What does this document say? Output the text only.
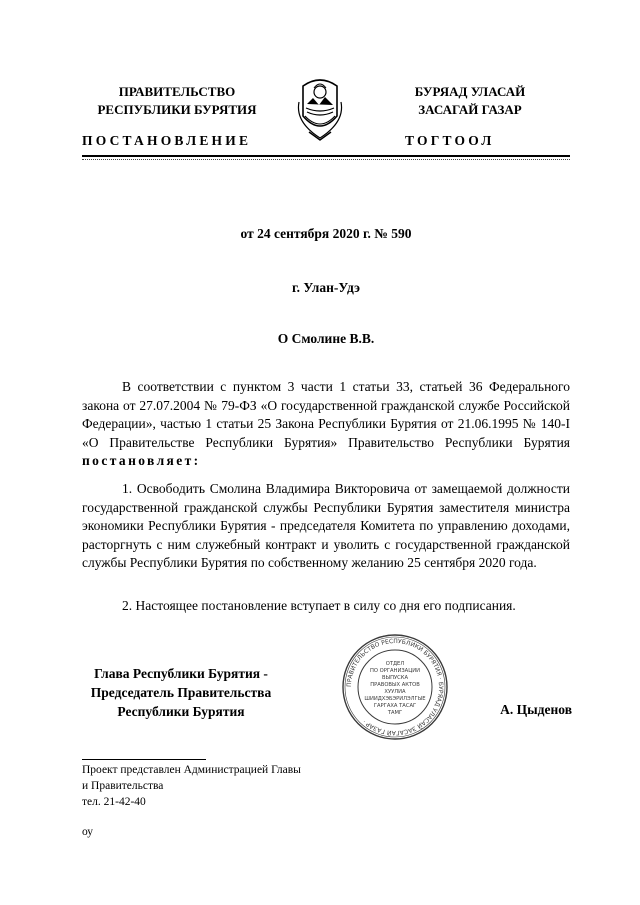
ПРАВИТЕЛЬСТВО
РЕСПУБЛИКИ БУРЯТИЯ
БУРЯАД УЛАСАЙ
ЗАСАГАЙ ГАЗАР
ПОСТАНОВЛЕНИЕ	ТОГТООЛ
от 24 сентября 2020 г. № 590
г. Улан-Удэ
О Смолине В.В.

В соответствии с пунктом 3 части 1 статьи 33, статьей 36 Федерального закона от 27.07.2004 № 79-ФЗ «О государственной гражданской службе Российской Федерации», частью 1 статьи 25 Закона Республики Бурятия от 21.06.1995 № 140-I «О Правительстве Республики Бурятия» Правительство Республики Бурятия постановляет:

1. Освободить Смолина Владимира Викторовича от замещаемой должности государственной гражданской службы Республики Бурятия заместителя министра экономики Республики Бурятия - председателя Комитета по управлению доходами, расторгнуть с ним служебный контракт и уволить с государственной гражданской службы Республики Бурятия по собственному желанию 25 сентября 2020 года.

2. Настоящее постановление вступает в силу со дня его подписания.

Глава Республики Бурятия -
Председатель Правительства
Республики Бурятия
ПРАВИТЕЛЬСТВО РЕСПУБЛИКИ БУРЯТИЯ · БУРЯАД УЛАСАЙ ЗАСАГАЙ ГАЗАР ·
ОТДЕЛ
ПО ОРГАНИЗАЦИИ
ВЫПУСКА
ПРАВОВЫХ АКТОВ
ХУУЛИА
ШИИДХЭБЭРИЛЭЛГЫЕ
ГАРГАХА ТАСАГ
ТАМГ	А. Цыденов
Проект представлен Администрацией Главы
и Правительства
тел. 21-42-40
оу
